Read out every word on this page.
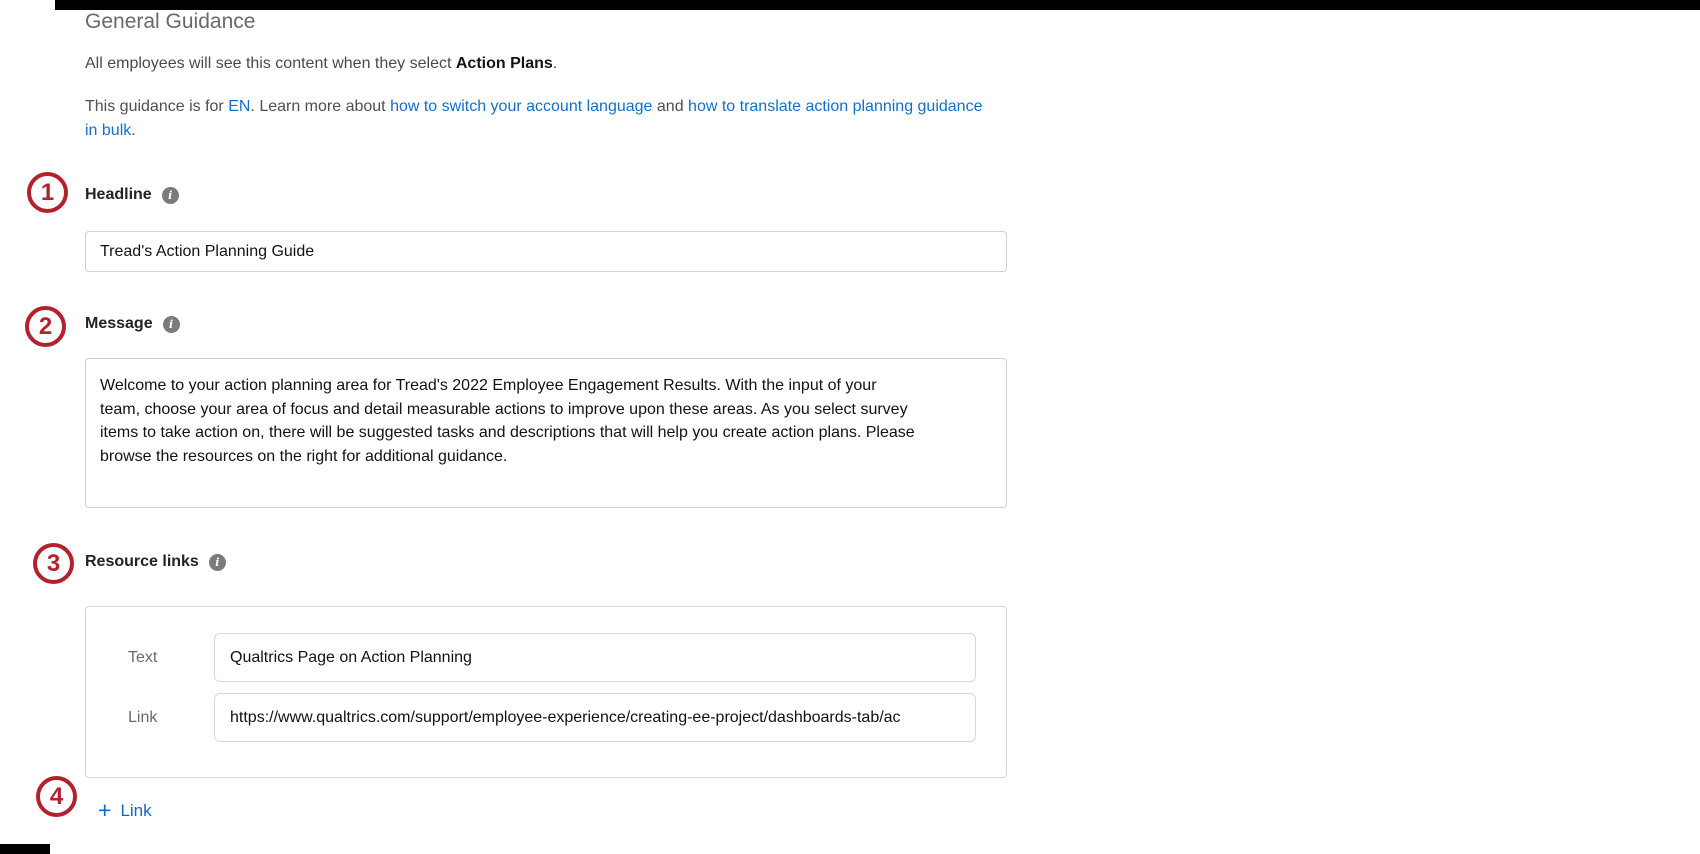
General Guidance

All employees will see this content when they select Action Plans.

This guidance is for EN. Learn more about how to switch your account language and how to translate action planning guidance in bulk.

1
2
3
4
Headline	i
Tread's Action Planning Guide
Message	i
Welcome to your action planning area for Tread's 2022 Employee Engagement Results. With the input of your team, choose your area of focus and detail measurable actions to improve upon these areas. As you select survey items to take action on, there will be suggested tasks and descriptions that will help you create action plans. Please browse the resources on the right for additional guidance.
Resource links	i
Text
Qualtrics Page on Action Planning
Link
https://www.qualtrics.com/support/employee-experience/creating-ee-project/dashboards-tab/ac
+ Link
